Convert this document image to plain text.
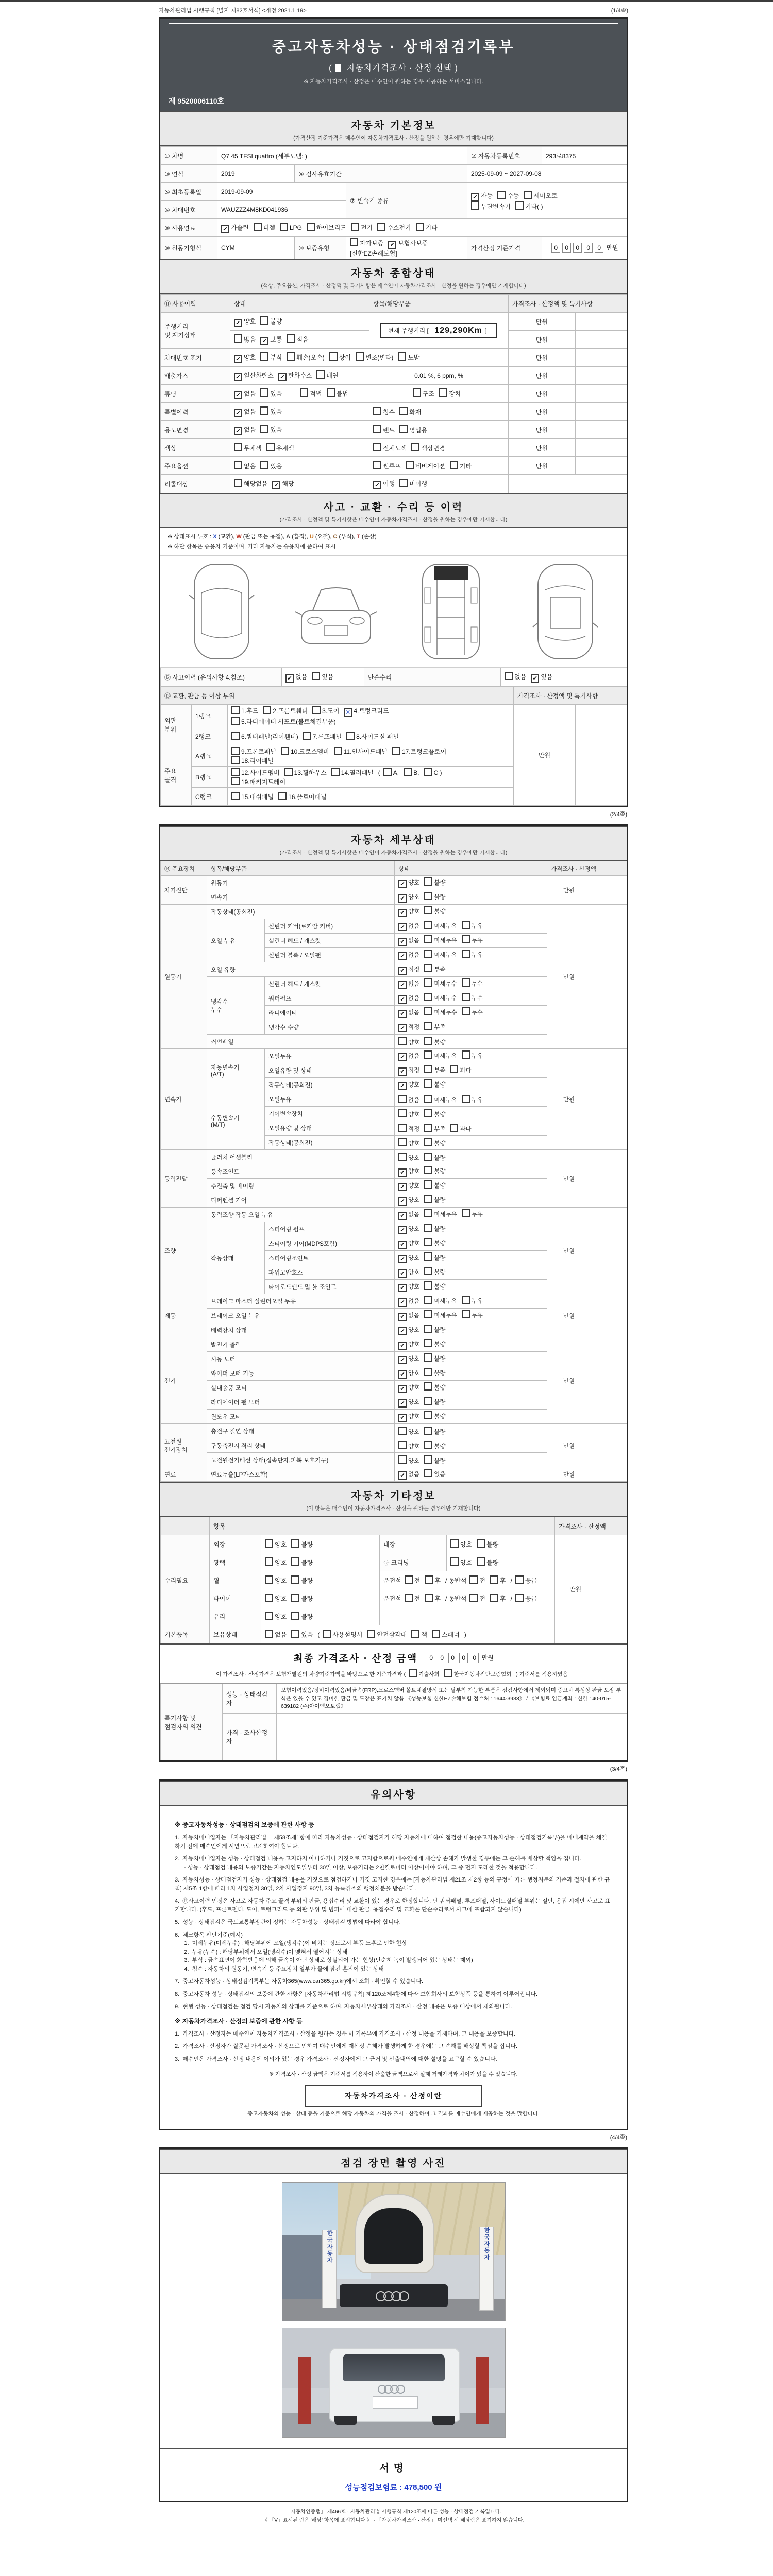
자동차관리법 시행규칙 [별지 제82호서식] <개정 2021.1.19>	(1/4쪽)
중고자동차성능 · 상태점검기록부
( 자동차가격조사 · 산정 선택 )
※ 자동차가격조사 · 산정은 매수인이 원하는 경우 제공하는 서비스입니다.
제 9520006110호
자동차 기본정보
(가격산정 기준가격은 매수인이 자동차가격조사 · 산정을 원하는 경우에만 기재합니다)
① 차명	Q7 45 TFSI quattro (세부모델: )			② 자동차등록번호	293로8375
③ 연식	2019	④ 검사유효기간		2025-09-09 ~ 2027-09-08	
⑤ 최초등록일	2019-09-09		⑦ 변속기 종류	✔자동 수동 세미오토
무단변속기 기타( )
⑥ 차대번호	WAUZZZ4M8KD041936				
⑧ 사용연료	✔가솔린 디젤 LPG 하이브리드 전기 수소전기 기타
⑨ 원동기형식	CYM	⑩ 보증유형	자가보증 ✔ 보험사보증
[신한EZ손해보험]	가격산정 기준가격	0 0 0 0 0 만원
자동차 종합상태
(색상, 주요옵션, 가격조사 · 산정액 및 특기사항은 매수인이 자동차가격조사 · 산정을 원하는 경우에만 기재합니다)
⑪ 사용이력	상태	항목/해당부품	가격조사 · 산정액 및 특기사항	
주행거리
및 계기상태	✔양호 불량	현재 주행거리 [ 129,290Km ]	만원	
	많음 ✔ 보통 적음		만원	
차대번호 표기	✔양호 부식 훼손(오손) 상이 변조(변타) 도말		만원	
배출가스	✔일산화탄소 ✔ 탄화수소 매연	0.01 %, 6 ppm, %	만원	
튜닝	✔없음 있음 적법 불법 구조 장치		만원	
특별이력	✔없음 있음	침수 화재	만원	
용도변경	✔없음 있음	렌트 영업용	만원	
색상	무채색 유채색	전체도색 색상변경	만원	
주요옵션	없음 있음	썬루프 네비게이션 기타	만원	
리콜대상	해당없음 ✔ 해당	✔이행 미이행	
사고 · 교환 · 수리 등 이력
(가격조사 · 산정액 및 특기사항은 매수인이 자동차가격조사 · 산정을 원하는 경우에만 기재합니다)
※ 상태표시 부호 : X (교환), W (판금 또는 용접), A (흠집), U (요철), C (부식), T (손상)
※ 하단 항목은 승용차 기준이며, 기타 자동차는 승용차에 준하여 표시
⑫ 사고이력 (유의사항 4.참조)	✔없음 있음	단순수리	없음 ✔ 있음
⑬ 교환, 판금 등 이상 부위			가격조사 · 산정액 및 특기사항	
외판
부위	1랭크	1.후드 2.프론트휀더 3.도어 ✕ 4.트렁크리드
5.라디에이터 서포트(볼트체결부품)	만원	
	2랭크	6.쿼터패널(리어휀더) 7.루프패널 8.사이드실 패널		
주요
골격	A랭크	9.프론트패널 10.크로스멤버 11.인사이드패널 17.트렁크플로어
18.리어패널		
	B랭크	12.사이드멤버 13.휠하우스 14.필러패널 ( A, B, C )
19.패키지트레이		
	C랭크	15.대쉬패널 16.플로어패널		
(2/4쪽)
자동차 세부상태
(가격조사 · 산정액 및 특기사항은 매수인이 자동차가격조사 · 산정을 원하는 경우에만 기재합니다)
⑭ 주요장치	항목/해당부품		상태	가격조사 · 산정액	
자기진단	원동기	✔양호 불량	만원	
	변속기	✔양호 불량
원동기	작동상태(공회전)	✔양호 불량	만원	
	오일 누유	실린더 커버(로커암 커버)	✔없음 미세누유 누유
		실린더 헤드 / 개스킷	✔없음 미세누유 누유
		실린더 블록 / 오일팬	✔없음 미세누유 누유
	오일 유량	✔적정 부족
	냉각수
누수	실린더 헤드 / 개스킷	✔없음 미세누수 누수
		워터펌프	✔없음 미세누수 누수
		라디에이터	✔없음 미세누수 누수
		냉각수 수량	✔적정 부족
	커먼레일		양호 불량		
변속기	자동변속기
(A/T)	오일누유	✔없음 미세누유 누유	만원	
		오일유량 및 상태	✔적정 부족 과다
		작동상태(공회전)	✔양호 불량
	수동변속기
(M/T)	오일누유	없음 미세누유 누유		
		기어변속장치	양호 불량		
		오일유량 및 상태	적정 부족 과다		
		작동상태(공회전)	양호 불량		
동력전달	클러치 어셈블리		양호 불량	만원	
	등속조인트	✔양호 불량
	추진축 및 베어링	✔양호 불량
	디퍼렌셜 기어	✔양호 불량
조향	동력조향 작동 오일 누유	✔없음 미세누유 누유	만원	
	작동상태	스티어링 펌프	✔양호 불량
		스티어링 기어(MDPS포함)	✔양호 불량
		스티어링조인트	✔양호 불량
		파워고압호스	✔양호 불량
		타이로드엔드 및 볼 조인트	✔양호 불량
제동	브레이크 마스터 실린더오일 누유	✔없음 미세누유 누유	만원	
	브레이크 오일 누유	✔없음 미세누유 누유
	배력장치 상태	✔양호 불량
전기	발전기 출력	✔양호 불량	만원	
	시동 모터	✔양호 불량
	와이퍼 모터 기능	✔양호 불량
	실내송풍 모터	✔양호 불량
	라디에이터 팬 모터	✔양호 불량
	윈도우 모터	✔양호 불량
고전원
전기장치	충전구 절연 상태		양호 불량	만원	
	구동축전지 격리 상태		양호 불량		
	고전원전기배선 상태(접속단자,피복,보호기구)		양호 불량		
연료	연료누출(LP가스포함)	✔없음 있음	만원	
자동차 기타정보
(이 항목은 매수인이 자동차가격조사 · 산정을 원하는 경우에만 기재합니다)
	항목				가격조사 · 산정액	
수리필요	외장	양호 불량	내장	양호 불량	만원	
	광택	양호 불량	룸 크리닝	양호 불량		
	휠	양호 불량	운전석 전 후 / 동반석 전 후 / 응급			
	타이어	양호 불량	운전석 전 후 / 동반석 전 후 / 응급			
	유리	양호 불량				
기본품목	보유상태	없음 있음 ( 사용설명서 안전삼각대 잭 스패너 )				
최종 가격조사 · 산정 금액	0 0 0 0 0 만원
이 가격조사 · 산정가격은 보험개발원의 차량기준가액을 바탕으로 한 기준가격과 ( 기술사회	한국자동차진단보증협회 ) 기준서를 적용하였음
특기사항 및
점검자의 의견	성능 · 상태점검
자	보험이력있음/정비이력있음/비금속(FRP),크로스멤버 볼트체결방식 또는 탈부착 가능한 부품은 점검사항에서 제외되며 중고차 특성상 판금 도장 부식은 있을 수 있고 경미한 판금 및 도장은 표기치 않음 《성능보험 신한EZ손해보험 접수처 : 1644-3933》 / 《보험료 입금계좌 : 신한 140-015-639182 (주)아이엠오토랩》
	가격 · 조사산정
자	
(3/4쪽)
유의사항
※ 중고자동차성능 · 상태점검의 보증에 관한 사항 등
1.  자동차매매업자는 「자동차관리법」 제58조제1항에 따라 자동차성능 · 상태점검자가 해당 자동차에 대하여 점검한 내용(중고자동차성능 · 상태점검기록부)을 매매계약을 체결하기 전에 매수인에게 서면으로 고지하여야 합니다.
2.  자동차매매업자는 성능 · 상태점검 내용을 고지하지 아니하거나 거짓으로 고지함으로써 매수인에게 재산상 손해가 발생한 경우에는 그 손해를 배상할 책임을 집니다.
- 성능 · 상태점검 내용의 보증기간은 자동차인도일부터 30일 이상, 보증거리는 2천킬로미터 이상이어야 하며, 그 중 먼저 도래한 것을 적용합니다.
3.  자동차성능 · 상태점검자가 성능 · 상태점검 내용을 거짓으로 점검하거나 거짓 고지한 경우에는 [자동차관리법 제21조 제2항 등의 규정에 따른 행정처분의 기준과 절차에 관한 규칙] 제5조 1항에 따라 1차 사업정지 30일, 2차 사업정지 90일, 3차 등록취소의 행정처분을 받습니다.
4.  ⑫사고이력 인정은 사고로 자동차 주요 골격 부위의 판금, 용접수리 및 교환이 있는 경우로 한정합니다. 단 쿼터패널, 루프패널, 사이드실패널 부위는 절단, 용접 시에만 사고로 표기합니다. (후드, 프론트펜더, 도어, 트렁크리드 등 외판 부위 및 범퍼에 대한 판금, 용접수리 및 교환은 단순수리로서 사고에 포함되지 않습니다)
5.  성능 · 상태점검은 국토교통부장관이 정하는 자동차성능 · 상태점검 방법에 따라야 합니다.
6.  체크항목 판단기준(예시)
1.  미세누유(미세누수) : 해당부위에 오일(냉각수)이 비치는 정도로서 부품 노후로 인한 현상
2.  누유(누수) : 해당부위에서 오일(냉각수)이 맺혀서 떨어지는 상태
3.  부식 : 금속표면이 화학반응에 의해 금속이 아닌 상태로 상실되어 가는 현상(단순히 녹이 발생되어 있는 상태는 제외)
4.  침수 : 자동차의 원동기, 변속기 등 주요장치 일부가 물에 잠긴 흔적이 있는 상태
7.  중고자동차성능 · 상태점검기록부는 자동차365(www.car365.go.kr)에서 조회 · 확인할 수 있습니다.
8.  중고자동차 성능 · 상태점검의 보증에 관한 사항은 [자동차관리법 시행규칙] 제120조제4항에 따라 보험회사의 보험상품 등을 통하여 이루어집니다.
9.  현행 성능 · 상태점검은 점검 당시 자동차의 상태를 기준으로 하며, 자동차세부상태의 가격조사 · 산정 내용은 보증 대상에서 제외됩니다.
※ 자동차가격조사 · 산정의 보증에 관한 사항 등
1.  가격조사 · 산정자는 매수인이 자동차가격조사 · 산정을 원하는 경우 이 기록부에 가격조사 · 산정 내용을 기재하며, 그 내용을 보증합니다.
2.  가격조사 · 산정자가 잘못된 가격조사 · 산정으로 인하여 매수인에게 재산상 손해가 발생하게 한 경우에는 그 손해를 배상할 책임을 집니다.
3.  매수인은 가격조사 · 산정 내용에 이의가 있는 경우 가격조사 · 산정자에게 그 근거 및 산출내역에 대한 설명을 요구할 수 있습니다.
※ 가격조사 · 산정 금액은 기준서를 적용하여 산출한 금액으로서 실제 거래가격과 차이가 있을 수 있습니다.
자동차가격조사 · 산정이란
중고자동차의 성능 · 상태 등을 기준으로 해당 자동차의 가격을 조사 · 산정하여 그 결과를 매수인에게 제공하는 것을 말합니다.
(4/4쪽)
점검 장면 촬영 사진
한국자동차	한국자동차
서명
성능점검보험료 : 478,500 원
「자동차인증랩」 제466호 · 자동차관리법 시행규칙 제120조에 따른 성능 · 상태점검 기록입니다.
《 「V」표시된 란은 '해당' 항목에 표시합니다 》 · 「자동차가격조사 · 산정」 미선택 시 해당란은 표기하지 않습니다.
